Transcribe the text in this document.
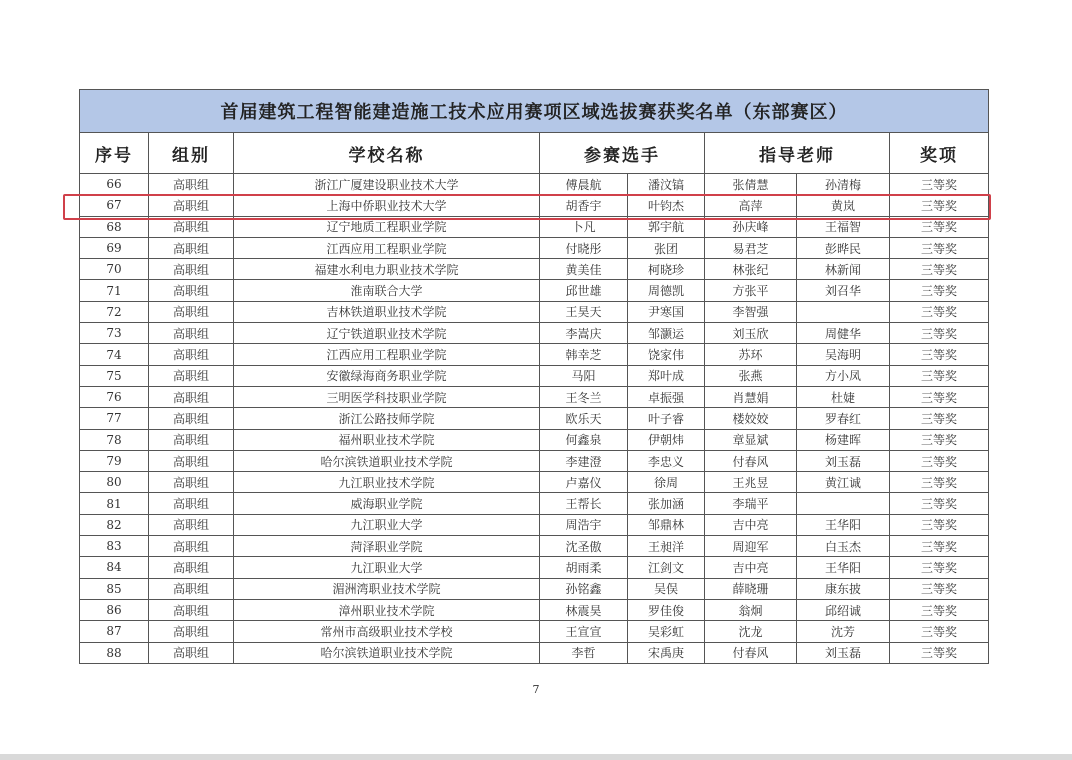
首届建筑工程智能建造施工技术应用赛项区域选拔赛获奖名单（东部赛区）							
序号	组别	学校名称	参赛选手		指导老师		奖项
66	高职组	浙江广厦建设职业技术大学	傅晨航	潘汶镐	张倩慧	孙清梅	三等奖
67	高职组	上海中侨职业技术大学	胡香宇	叶钧杰	高萍	黄岚	三等奖
68	高职组	辽宁地质工程职业学院	卜凡	郭宇航	孙庆峰	王福智	三等奖
69	高职组	江西应用工程职业学院	付晓彤	张团	易君芝	彭晔民	三等奖
70	高职组	福建水利电力职业技术学院	黄美佳	柯晓珍	林张纪	林新闻	三等奖
71	高职组	淮南联合大学	邱世雄	周德凯	方张平	刘召华	三等奖
72	高职组	吉林铁道职业技术学院	王昊天	尹寒国	李智强		三等奖
73	高职组	辽宁铁道职业技术学院	李嵩庆	邹灏运	刘玉欣	周健华	三等奖
74	高职组	江西应用工程职业学院	韩幸芝	饶家伟	苏环	吴海明	三等奖
75	高职组	安徽绿海商务职业学院	马阳	郑叶成	张燕	方小凤	三等奖
76	高职组	三明医学科技职业学院	王冬兰	卓振强	肖慧娟	杜婕	三等奖
77	高职组	浙江公路技师学院	欧乐天	叶子睿	楼姣姣	罗春红	三等奖
78	高职组	福州职业技术学院	何鑫泉	伊朝炜	章显斌	杨建晖	三等奖
79	高职组	哈尔滨铁道职业技术学院	李建澄	李忠义	付春风	刘玉磊	三等奖
80	高职组	九江职业技术学院	卢嘉仪	徐周	王兆昱	黄江诚	三等奖
81	高职组	威海职业学院	王帮长	张加涵	李瑞平		三等奖
82	高职组	九江职业大学	周浩宇	邹鼎林	吉中亮	王华阳	三等奖
83	高职组	菏泽职业学院	沈圣傲	王昶洋	周迎军	白玉杰	三等奖
84	高职组	九江职业大学	胡雨柔	江剑文	吉中亮	王华阳	三等奖
85	高职组	湄洲湾职业技术学院	孙铭鑫	吴俣	薛晓珊	康东披	三等奖
86	高职组	漳州职业技术学院	林震昊	罗佳俊	翁炯	邱绍诚	三等奖
87	高职组	常州市高级职业技术学校	王宣宣	吴彩虹	沈龙	沈芳	三等奖
88	高职组	哈尔滨铁道职业技术学院	李哲	宋禹庚	付春风	刘玉磊	三等奖
7
